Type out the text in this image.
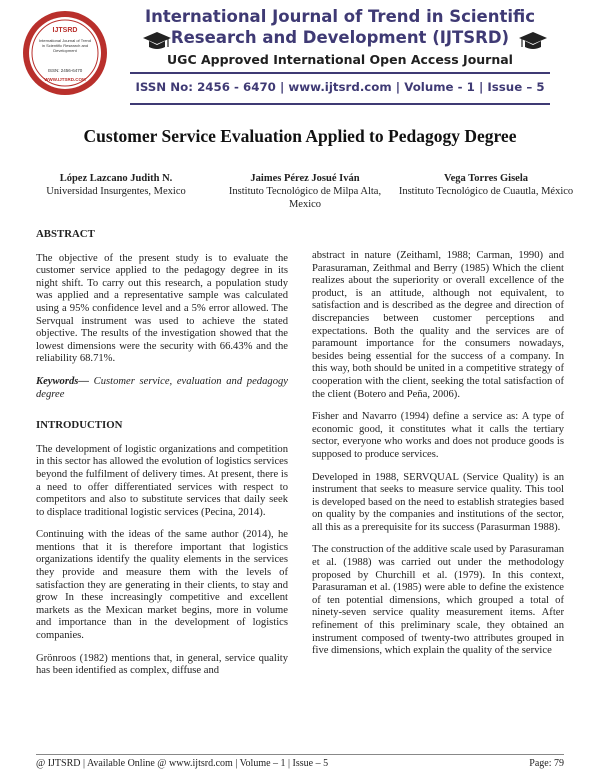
IJTSRD
International Journal of Trend in Scientific Research and Development
ISSN: 2456-6470
WWW.IJTSRD.COM
International Journal of Trend in Scientific
Research and Development (IJTSRD)
UGC Approved International Open Access Journal
ISSN No: 2456 - 6470 | www.ijtsrd.com | Volume - 1 | Issue – 5
Customer Service Evaluation Applied to Pedagogy Degree
López Lazcano Judith N.
Universidad Insurgentes, Mexico
Jaimes Pérez Josué Iván
Instituto Tecnológico de Milpa Alta, Mexico
Vega Torres Gisela
Instituto Tecnológico de Cuautla, México
ABSTRACT

The objective of the present study is to evaluate the customer service applied to the pedagogy degree in its night shift. To carry out this research, a population study was applied and a representative sample was calculated using a 95% confidence level and a 5% error allowed. The Servqual instrument was used to achieve the stated objective. The results of the investigation showed that the lowest dimensions were the security with 66.43% and the reliability 68.71%.

Keywords— Customer service, evaluation and pedagogy degree

INTRODUCTION

The development of logistic organizations and competition in this sector has allowed the evolution of logistics services beyond the fulfilment of delivery times. At present, there is a need to offer differentiated services with respect to competitors and also to substitute services that daily seek to displace traditional logistic services (Pecina, 2014).

Continuing with the ideas of the same author (2014), he mentions that it is therefore important that logistics organizations identify the quality elements in the services they provide and measure them with the levels of satisfaction they are generating in their clients, to stay and grow In these increasingly competitive and excellent markets as the Mexican market begins, more in volume and importance than in the development of logistics companies.

Grönroos (1982) mentions that, in general, service quality has been identified as complex, diffuse and

abstract in nature (Zeithaml, 1988; Carman, 1990) and Parasuraman, Zeithmal and Berry (1985) Which the client realizes about the superiority or overall excellence of the product, is an attitude, although not equivalent, to satisfaction and is described as the degree and direction of discrepancies between customer perceptions and expectations. Both the quality and the services are of paramount importance for the consumers nowadays, besides being essential for the success of a company. In this way, both should be united in a competitive strategy of cooperation with the client, seeking the total satisfaction of the client (Botero and Peña, 2006).

Fisher and Navarro (1994) define a service as: A type of economic good, it constitutes what it calls the tertiary sector, everyone who works and does not produce goods is supposed to produce services.

Developed in 1988, SERVQUAL (Service Quality) is an instrument that seeks to measure service quality. This tool is developed based on the need to establish strategies based on quality by the companies and institutions of the sector, all this as a prerequisite for its success (Parasurman 1988).

The construction of the additive scale used by Parasuraman et al. (1988) was carried out under the methodology proposed by Churchill et al. (1979). In this context, Parasuraman et al. (1985) were able to define the existence of ten potential dimensions, which grouped a total of ninety-seven service quality measurement items. After refinement of this preliminary scale, they obtained an instrument composed of twenty-two attributes grouped in five dimensions, which explain the quality of the service

@ IJTSRD | Available Online @ www.ijtsrd.com | Volume – 1 | Issue – 5	Page: 79
